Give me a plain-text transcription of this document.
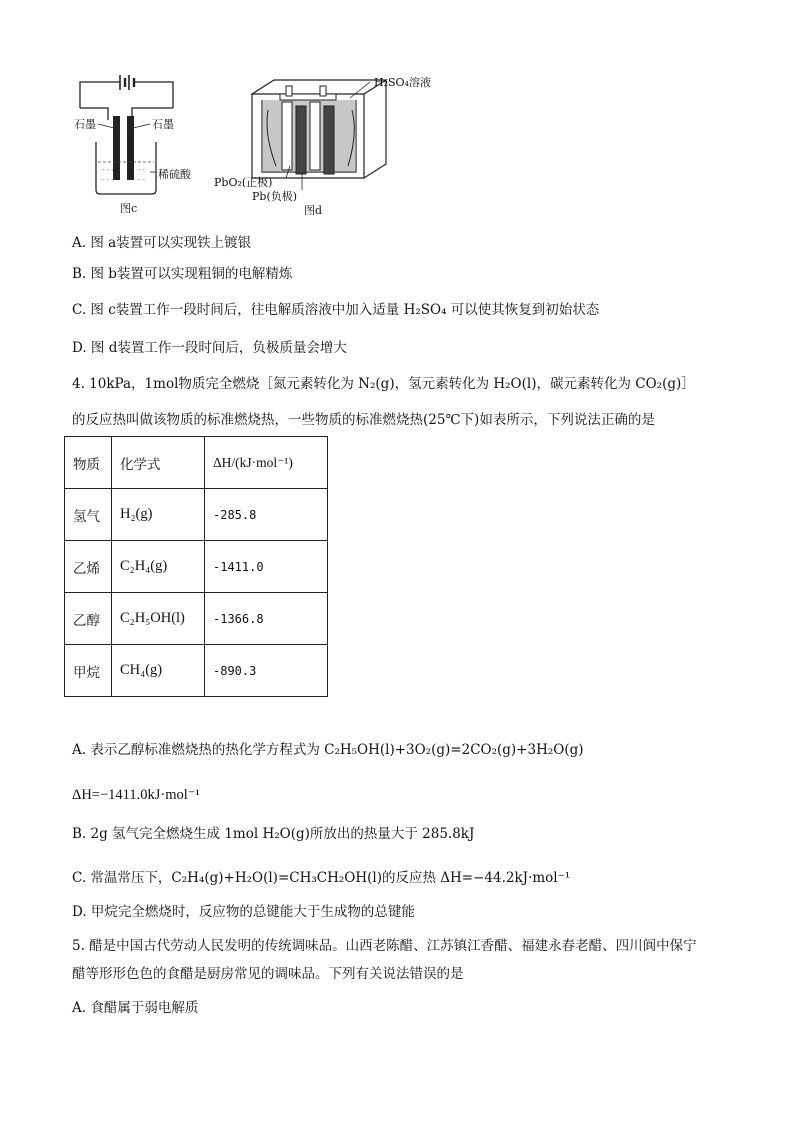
- - -	- -
- - -	- -
石墨	石墨
稀硫酸
图c
H₂SO₄溶液
PbO₂(正极)
Pb(负极)
图d
A. 图 a装置可以实现铁上镀银
B. 图 b装置可以实现粗铜的电解精炼
C. 图 c装置工作一段时间后，往电解质溶液中加入适量 H₂SO₄ 可以使其恢复到初始状态
D. 图 d装置工作一段时间后，负极质量会增大
4. 10kPa，1mol物质完全燃烧［氮元素转化为 N₂(g)，氢元素转化为 H₂O(l)，碳元素转化为 CO₂(g)］
的反应热叫做该物质的标准燃烧热，一些物质的标准燃烧热(25℃下)如表所示，下列说法正确的是
物质	化学式	ΔH/(kJ·mol⁻¹)
氢气	H₂(g)	-285.8
乙烯	C₂H₄(g)	-1411.0
乙醇	C₂H₅OH(l)	-1366.8
甲烷	CH₄(g)	-890.3
A. 表示乙醇标准燃烧热的热化学方程式为 C₂H₅OH(l)+3O₂(g)=2CO₂(g)+3H₂O(g)
ΔH=−1411.0kJ·mol⁻¹
B. 2g 氢气完全燃烧生成 1mol H₂O(g)所放出的热量大于 285.8kJ
C. 常温常压下，C₂H₄(g)+H₂O(l)=CH₃CH₂OH(l)的反应热 ΔH=−44.2kJ·mol⁻¹
D. 甲烷完全燃烧时，反应物的总键能大于生成物的总键能
5. 醋是中国古代劳动人民发明的传统调味品。山西老陈醋、江苏镇江香醋、福建永春老醋、四川阆中保宁
醋等形形色色的食醋是厨房常见的调味品。下列有关说法错误的是
A. 食醋属于弱电解质
